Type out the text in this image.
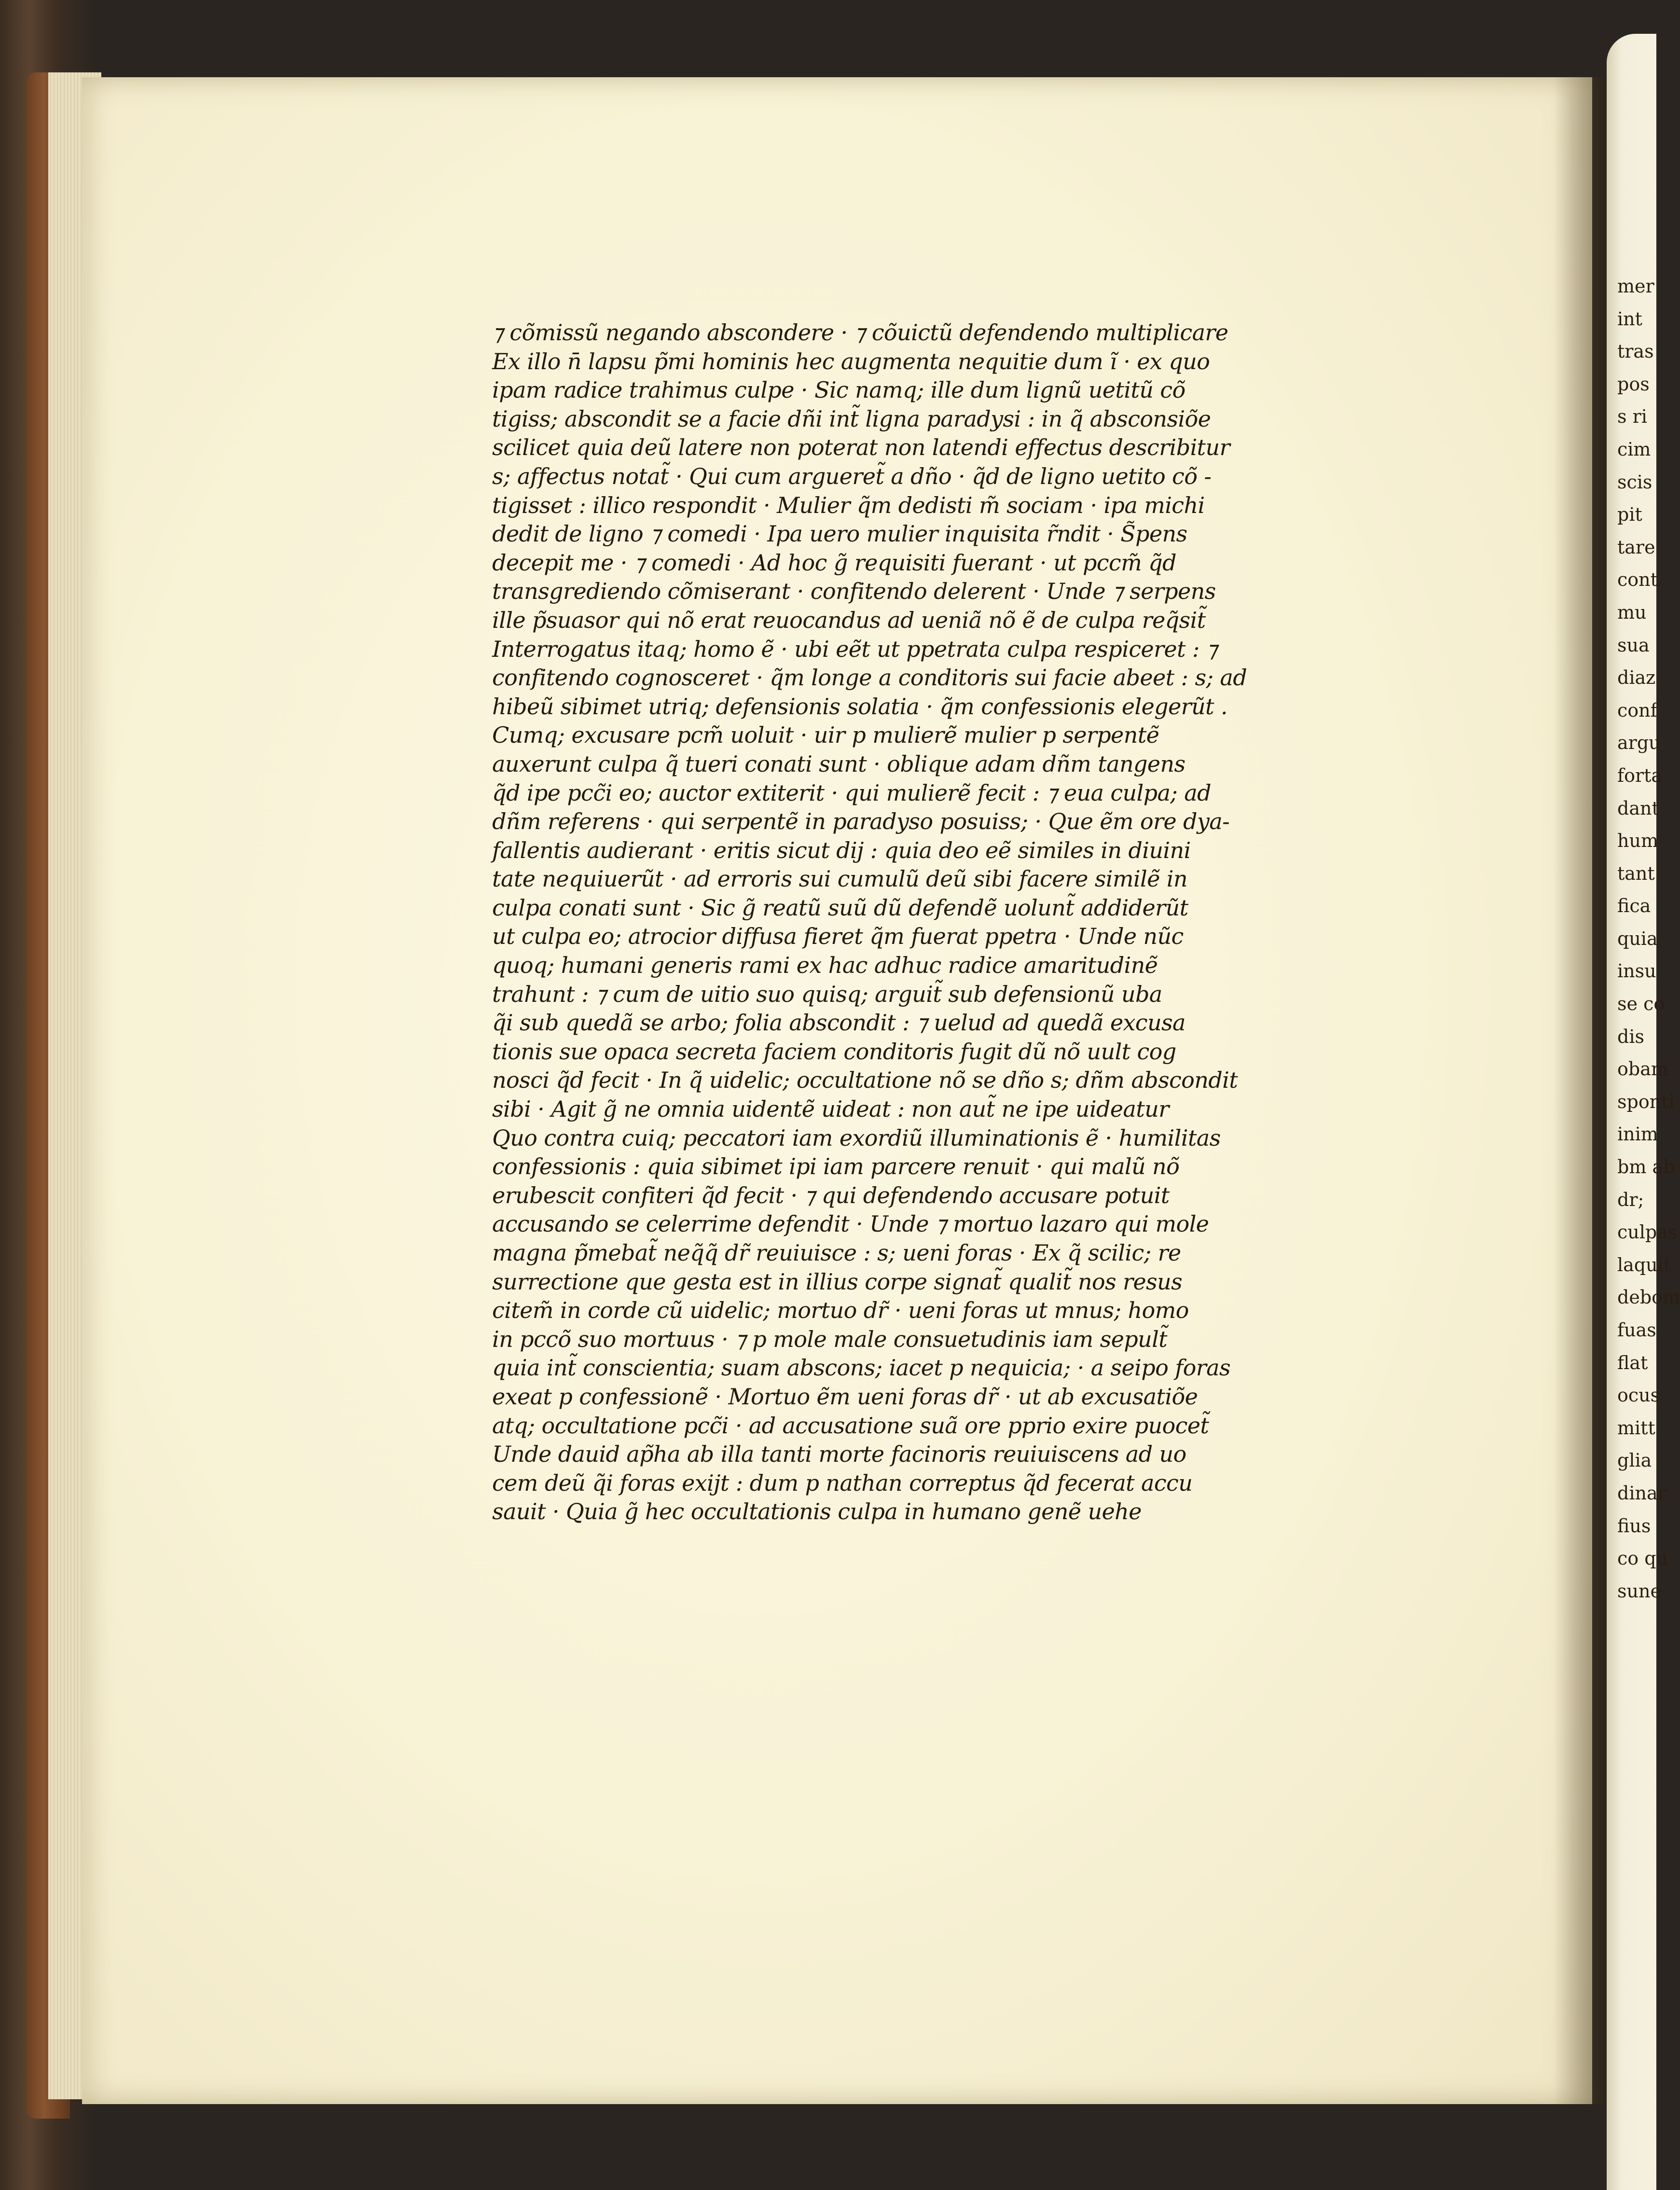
⁊ cõmissũ negando abscondere · ⁊ cõuictũ defendendo multiplicare
Ex illo n̄ lapsu p̃mi hominis hec augmenta nequitie dum ĩ · ex quo
ipam radice trahimus culpe · Sic namq; ille dum lignũ uetitũ cõ
tigiss; abscondit se a facie dñi int̃ ligna paradysi : in q̃ absconsiõe
scilicet quia deũ latere non poterat non latendi effectus describitur
s; affectus notat̃ · Qui cum argueret̃ a dño · q̃d de ligno uetito cõ -
tigisset : illico respondit · Mulier q̃m dedisti m̃ sociam · ipa michi
dedit de ligno ⁊ comedi · Ipa uero mulier inquisita r̃ndit · S̃pens
decepit me · ⁊ comedi · Ad hoc g̃ requisiti fuerant · ut pccm̃ q̃d
transgrediendo cõmiserant · confitendo delerent · Unde ⁊ serpens
ille p̃suasor qui nõ erat reuocandus ad ueniã nõ ẽ de culpa req̃sit̃
Interrogatus itaq; homo ẽ · ubi eẽt ut ppetrata culpa respiceret : ⁊
confitendo cognosceret · q̃m longe a conditoris sui facie abeet : s; ad
hibeũ sibimet utriq; defensionis solatia · q̃m confessionis elegerũt .
Cumq; excusare pcm̃ uoluit · uir p mulierẽ mulier p serpentẽ
auxerunt culpa q̃ tueri conati sunt · oblique adam dñm tangens
q̃d ipe pcc̃i eo; auctor extiterit · qui mulierẽ fecit : ⁊ eua culpa; ad
dñm referens · qui serpentẽ in paradyso posuiss; · Que ẽm ore dya-
fallentis audierant · eritis sicut dij : quia deo eẽ similes in diuini
tate nequiuerũt · ad erroris sui cumulũ deũ sibi facere similẽ in
culpa conati sunt · Sic g̃ reatũ suũ dũ defendẽ uolunt̃ addiderũt
ut culpa eo; atrocior diffusa fieret q̃m fuerat ppetra · Unde nũc
quoq; humani generis rami ex hac adhuc radice amaritudinẽ
trahunt : ⁊ cum de uitio suo quisq; arguit̃ sub defensionũ uba
q̃i sub quedã se arbo; folia abscondit : ⁊ uelud ad quedã excusa
tionis sue opaca secreta faciem conditoris fugit dũ nõ uult cog
nosci q̃d fecit · In q̃ uidelic; occultatione nõ se dño s; dñm abscondit
sibi · Agit g̃ ne omnia uidentẽ uideat : non aut̃ ne ipe uideatur
Quo contra cuiq; peccatori iam exordiũ illuminationis ẽ · humilitas
confessionis : quia sibimet ipi iam parcere renuit · qui malũ nõ
erubescit confiteri q̃d fecit · ⁊ qui defendendo accusare potuit
accusando se celerrime defendit · Unde ⁊ mortuo lazaro qui mole
magna p̃mebat̃ neq̃q̃ dr̃ reuiuisce : s; ueni foras · Ex q̃ scilic; re
surrectione que gesta est in illius corpe signat̃ qualit̃ nos resus
citem̃ in corde cũ uidelic; mortuo dr̃ · ueni foras ut mnus; homo
in pccõ suo mortuus · ⁊ p mole male consuetudinis iam sepult̃
quia int̃ conscientia; suam abscons; iacet p nequicia; · a seipo foras
exeat p confessionẽ · Mortuo ẽm ueni foras dr̃ · ut ab excusatiõe
atq; occultatione pcc̃i · ad accusatione suã ore pprio exire puocet̃
Unde dauid ap̃ha ab illa tanti morte facinoris reuiuiscens ad uo
cem deũ q̃i foras exijt : dum p nathan correptus q̃d fecerat accu
sauit · Quia g̃ hec occultationis culpa in humano genẽ uehe
mer
int
tras
pos
s ri
cim
scis
pit
tare
cont
mu
sua
diaz
conf
argu
forta
dant
hum
tant
fica
quia
insu
se co
dis
obam
sponti
inim
bm ab
dr;
culpas
laquit
debom
fuas
flat
ocus
mitt
glia
dinar
fius
co qu
sune
